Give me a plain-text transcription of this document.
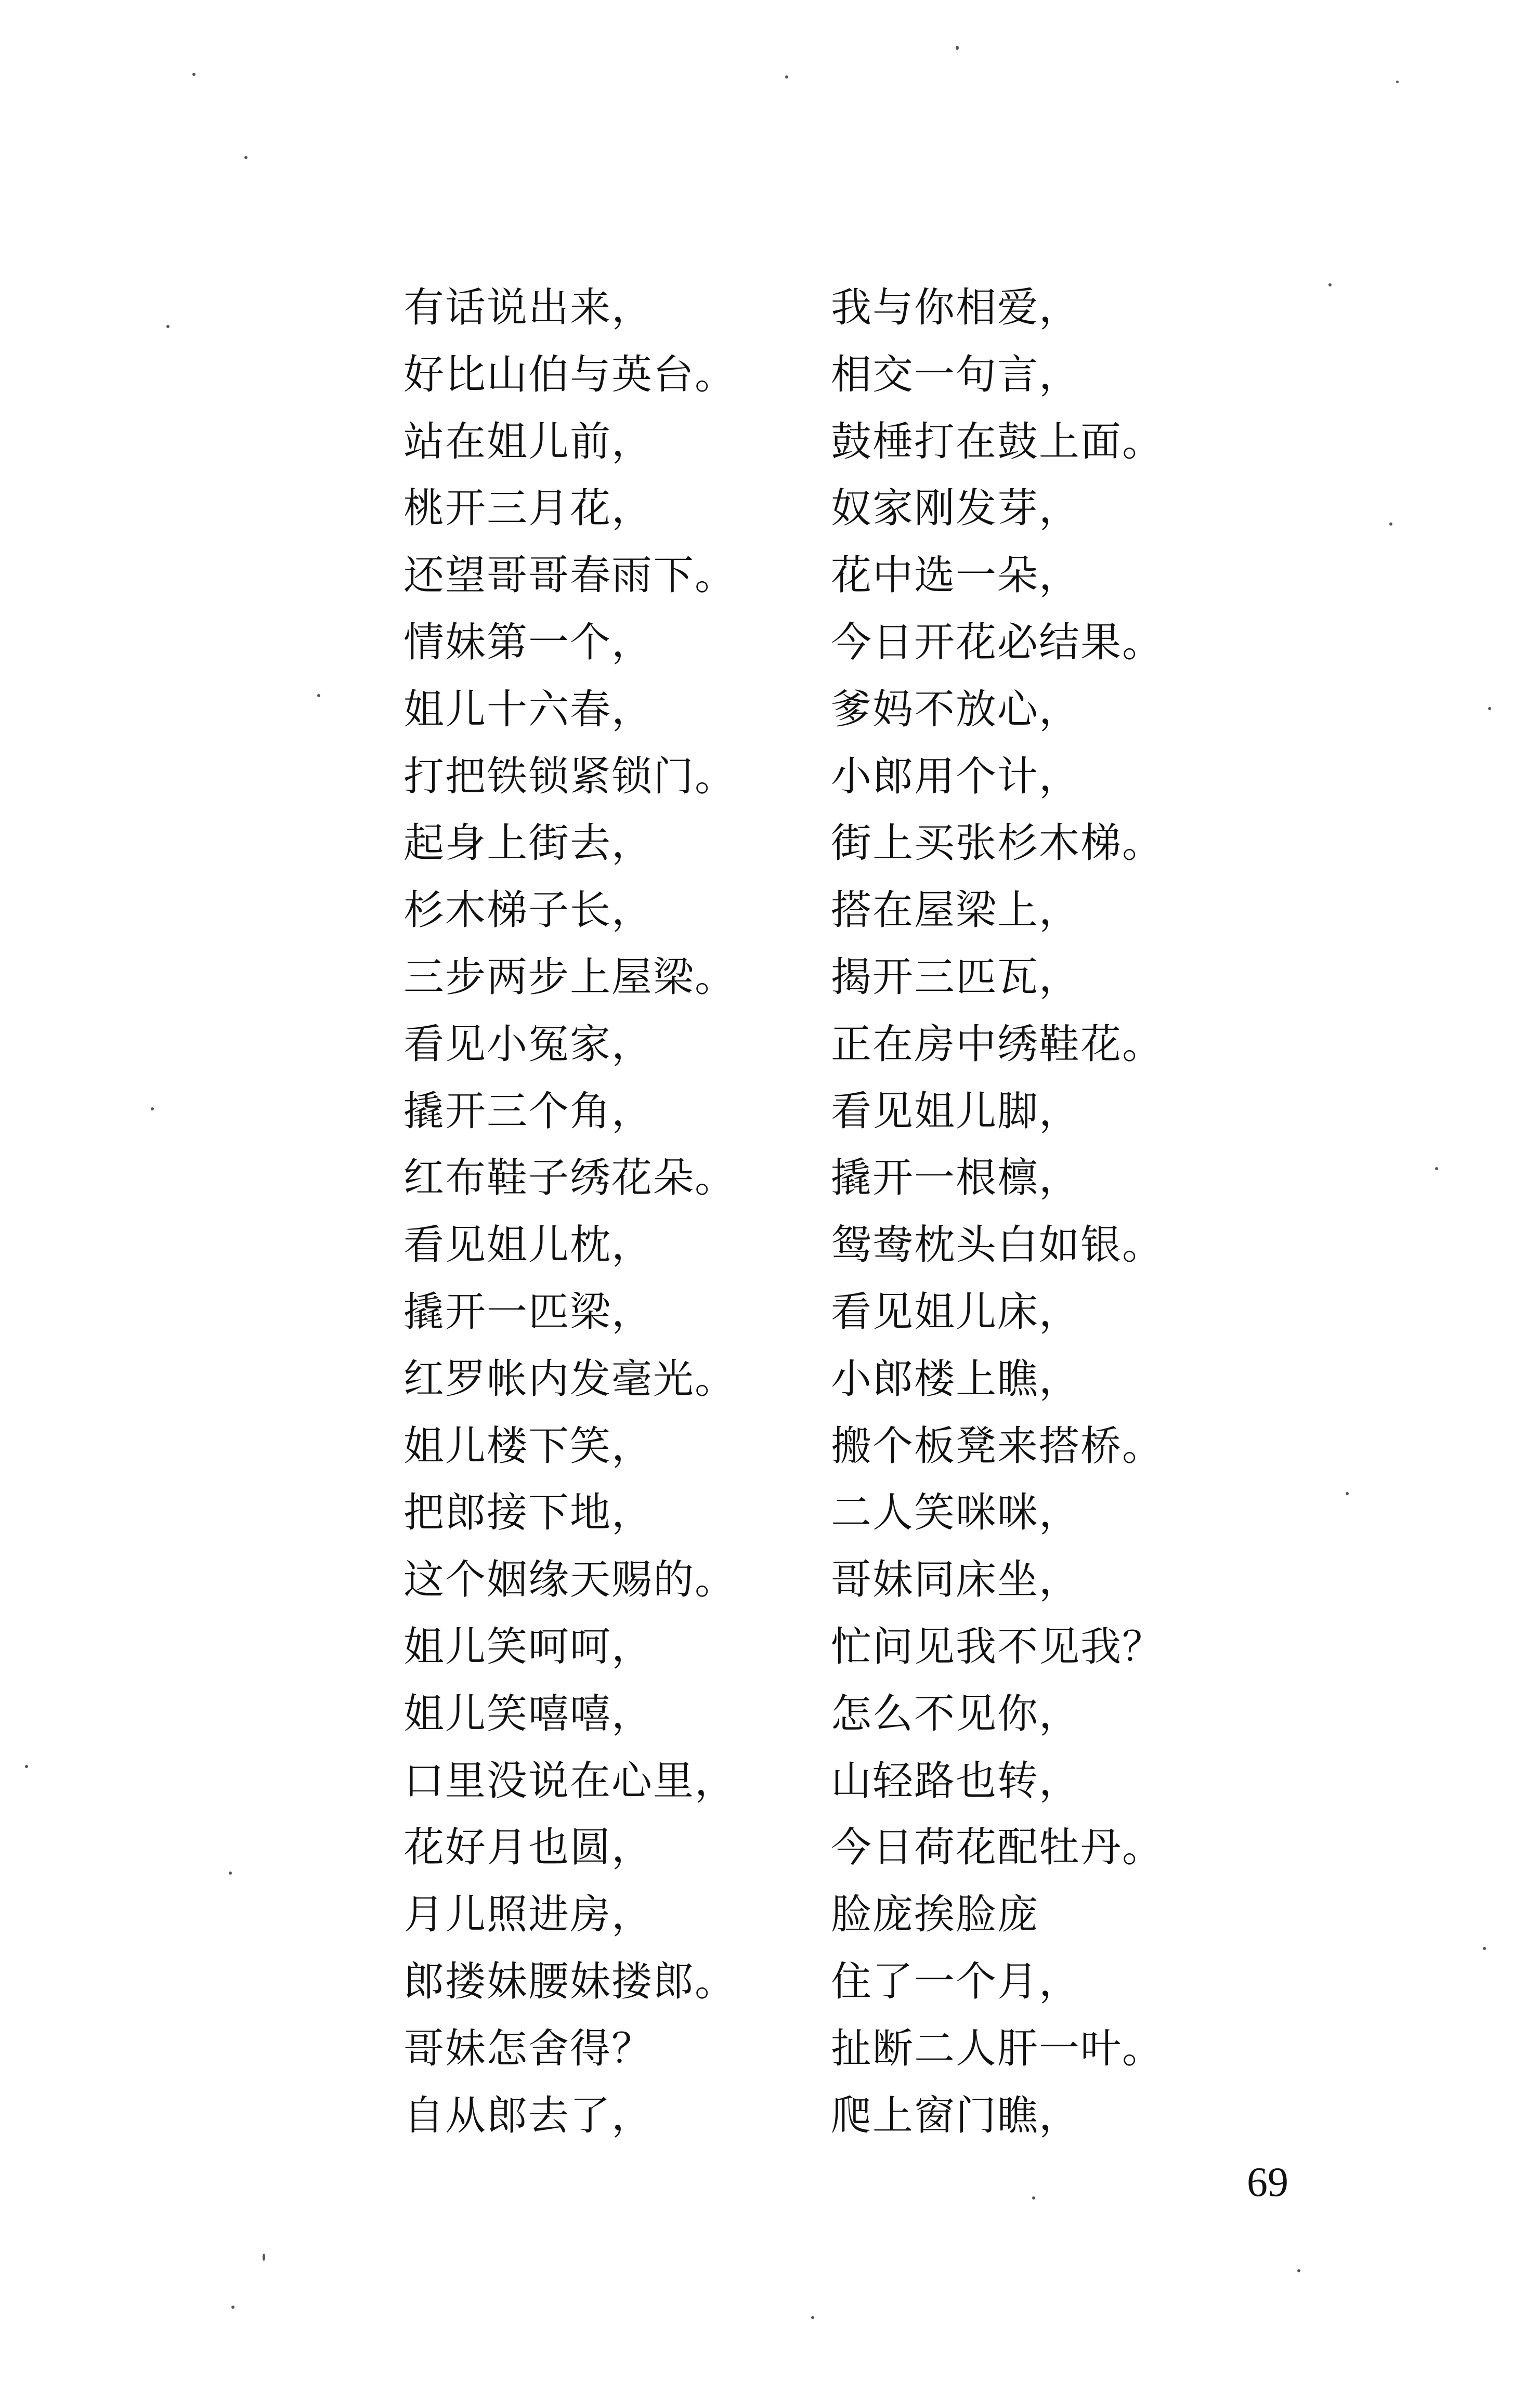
有话说出来，
好比山伯与英台。
站在姐儿前，
桃开三月花，
还望哥哥春雨下。
情妹第一个，
姐儿十六春，
打把铁锁紧锁门。
起身上街去，
杉木梯子长，
三步两步上屋梁。
看见小冤家，
撬开三个角，
红布鞋子绣花朵。
看见姐儿枕，
撬开一匹梁，
红罗帐内发毫光。
姐儿楼下笑，
把郎接下地，
这个姻缘天赐的。
姐儿笑呵呵，
姐儿笑嘻嘻，
口里没说在心里，
花好月也圆，
月儿照进房，
郎搂妹腰妹搂郎。
哥妹怎舍得？
自从郎去了，
我与你相爱，
相交一句言，
鼓棰打在鼓上面。
奴家刚发芽，
花中选一朵，
今日开花必结果。
爹妈不放心，
小郎用个计，
街上买张杉木梯。
搭在屋梁上，
揭开三匹瓦，
正在房中绣鞋花。
看见姐儿脚，
撬开一根檩，
鸳鸯枕头白如银。
看见姐儿床，
小郎楼上瞧，
搬个板凳来搭桥。
二人笑咪咪，
哥妹同床坐，
忙问见我不见我？
怎么不见你，
山轻路也转，
今日荷花配牡丹。
脸庞挨脸庞
住了一个月，
扯断二人肝一叶。
爬上窗门瞧，
69
